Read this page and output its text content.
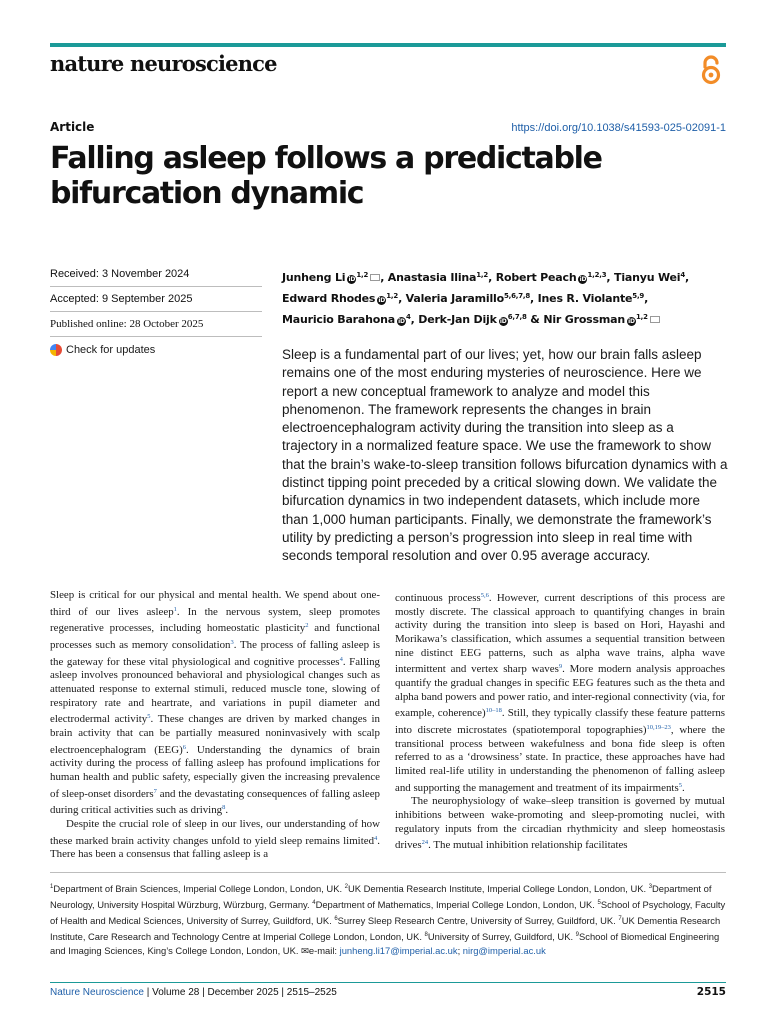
nature neuroscience
Article	https://doi.org/10.1038/s41593-025-02091-1
Falling asleep follows a predictable
bifurcation dynamic
Received: 3 November 2024
Accepted: 9 September 2025
Published online: 28 October 2025
Check for updates
Junheng Li iD$^{1,2}$ , Anastasia Ilina$^{1,2}$, Robert Peach iD$^{1,2,3}$, Tianyu Wei$^4$, Edward Rhodes iD$^{1,2}$, Valeria Jaramillo$^{5,6,7,8}$, Ines R. Violante$^{5,9}$, Mauricio Barahona iD$^4$, Derk-Jan Dijk iD$^{6,7,8}$ & Nir Grossman iD$^{1,2}$

Sleep is a fundamental part of our lives; yet, how our brain falls asleep remains one of the most enduring mysteries of neuroscience. Here we report a new conceptual framework to analyze and model this phenomenon. The framework represents the changes in brain electroencephalogram activity during the transition into sleep as a trajectory in a normalized feature space. We use the framework to show that the brain’s wake-to-sleep transition follows bifurcation dynamics with a distinct tipping point preceded by a critical slowing down. We validate the bifurcation dynamics in two independent datasets, which include more than 1,000 human participants. Finally, we demonstrate the framework’s utility by predicting a person’s progression into sleep in real time with seconds temporal resolution and over 0.95 average accuracy.

Sleep is critical for our physical and mental health. We spend about one-third of our lives asleep$^1$. In the nervous system, sleep promotes regenerative processes, including homeostatic plasticity$^2$ and functional processes such as memory consolidation$^3$. The process of falling asleep is the gateway for these vital physiological and cognitive processes$^4$. Falling asleep involves pronounced behavioral and physiological changes such as attenuated response to external stimuli, reduced muscle tone, slowing of respiratory rate and heartrate, and variations in pupil diameter and electrodermal activity$^5$. These changes are driven by marked changes in brain activity that can be partially measured noninvasively with scalp electroencephalogram (EEG)$^6$. Understanding the dynamics of brain activity during the process of falling asleep has profound implications for human health and public safety, especially given the increasing prevalence of sleep-onset disorders$^7$ and the devastating consequences of falling asleep during critical activities such as driving$^8$.

Despite the crucial role of sleep in our lives, our understanding of how these marked brain activity changes unfold to yield sleep remains limited$^4$. There has been a consensus that falling asleep is a

continuous process$^{5,6}$. However, current descriptions of this process are mostly discrete. The classical approach to quantifying changes in brain activity during the transition into sleep is based on Hori, Hayashi and Morikawa’s classification, which assumes a sequential transition between nine distinct EEG patterns, such as alpha wave trains, alpha wave intermittent and vertex sharp waves$^9$. More modern analysis approaches quantify the gradual changes in specific EEG features such as the theta and alpha band powers and power ratio, and inter-regional connectivity (via, for example, coherence)$^{10-18}$. Still, they typically classify these feature patterns into discrete microstates (spatiotemporal topographies)$^{10,19-23}$, where the transitional process between wakefulness and bona fide sleep is often referred to as a ‘drowsiness’ state. In practice, these approaches have had limited real-life utility in understanding the phenomenon of falling asleep and supporting the management and treatment of its impairments$^5$.

The neurophysiology of wake–sleep transition is governed by mutual inhibitions between wake-promoting and sleep-promoting nuclei, with regulatory inputs from the circadian rhythmicity and sleep homeostasis drives$^{24}$. The mutual inhibition relationship facilitates

$^1$Department of Brain Sciences, Imperial College London, London, UK. $^2$UK Dementia Research Institute, Imperial College London, London, UK. $^3$Department of Neurology, University Hospital Würzburg, Würzburg, Germany. $^4$Department of Mathematics, Imperial College London, London, UK. $^5$School of Psychology, Faculty of Health and Medical Sciences, University of Surrey, Guildford, UK. $^6$Surrey Sleep Research Centre, University of Surrey, Guildford, UK. $^7$UK Dementia Research Institute, Care Research and Technology Centre at Imperial College London, London, UK. $^8$University of Surrey, Guildford, UK. $^9$School of Biomedical Engineering and Imaging Sciences, King’s College London, London, UK. ✉e-mail: junheng.li17@imperial.ac.uk; nirg@imperial.ac.uk
Nature Neuroscience | Volume 28 | December 2025 | 2515–2525	2515
